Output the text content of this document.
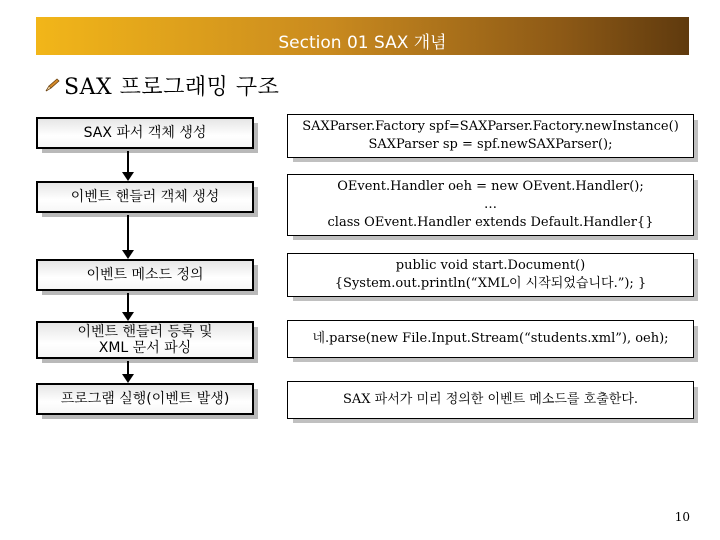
Section 01 SAX 개념
SAX 프로그래밍 구조
SAX 파서 객체 생성	SAXParser.Factory spf=SAXParser.Factory.newInstance()
SAXParser sp = spf.newSAXParser();
이벤트 핸들러 객체 생성
OEvent.Handler oeh = new OEvent.Handler();
…
class OEvent.Handler extends Default.Handler{}
이벤트 메소드 정의
public void start.Document()
{System.out.println(“XML이 시작되었습니다.”); }
이벤트 핸들러 등록 및
XML 문서 파싱
네.parse(new File.Input.Stream(“students.xml”), oeh);
프로그램 실행(이벤트 발생)	SAX 파서가 미리 정의한 이벤트 메소드를 호출한다.
10
